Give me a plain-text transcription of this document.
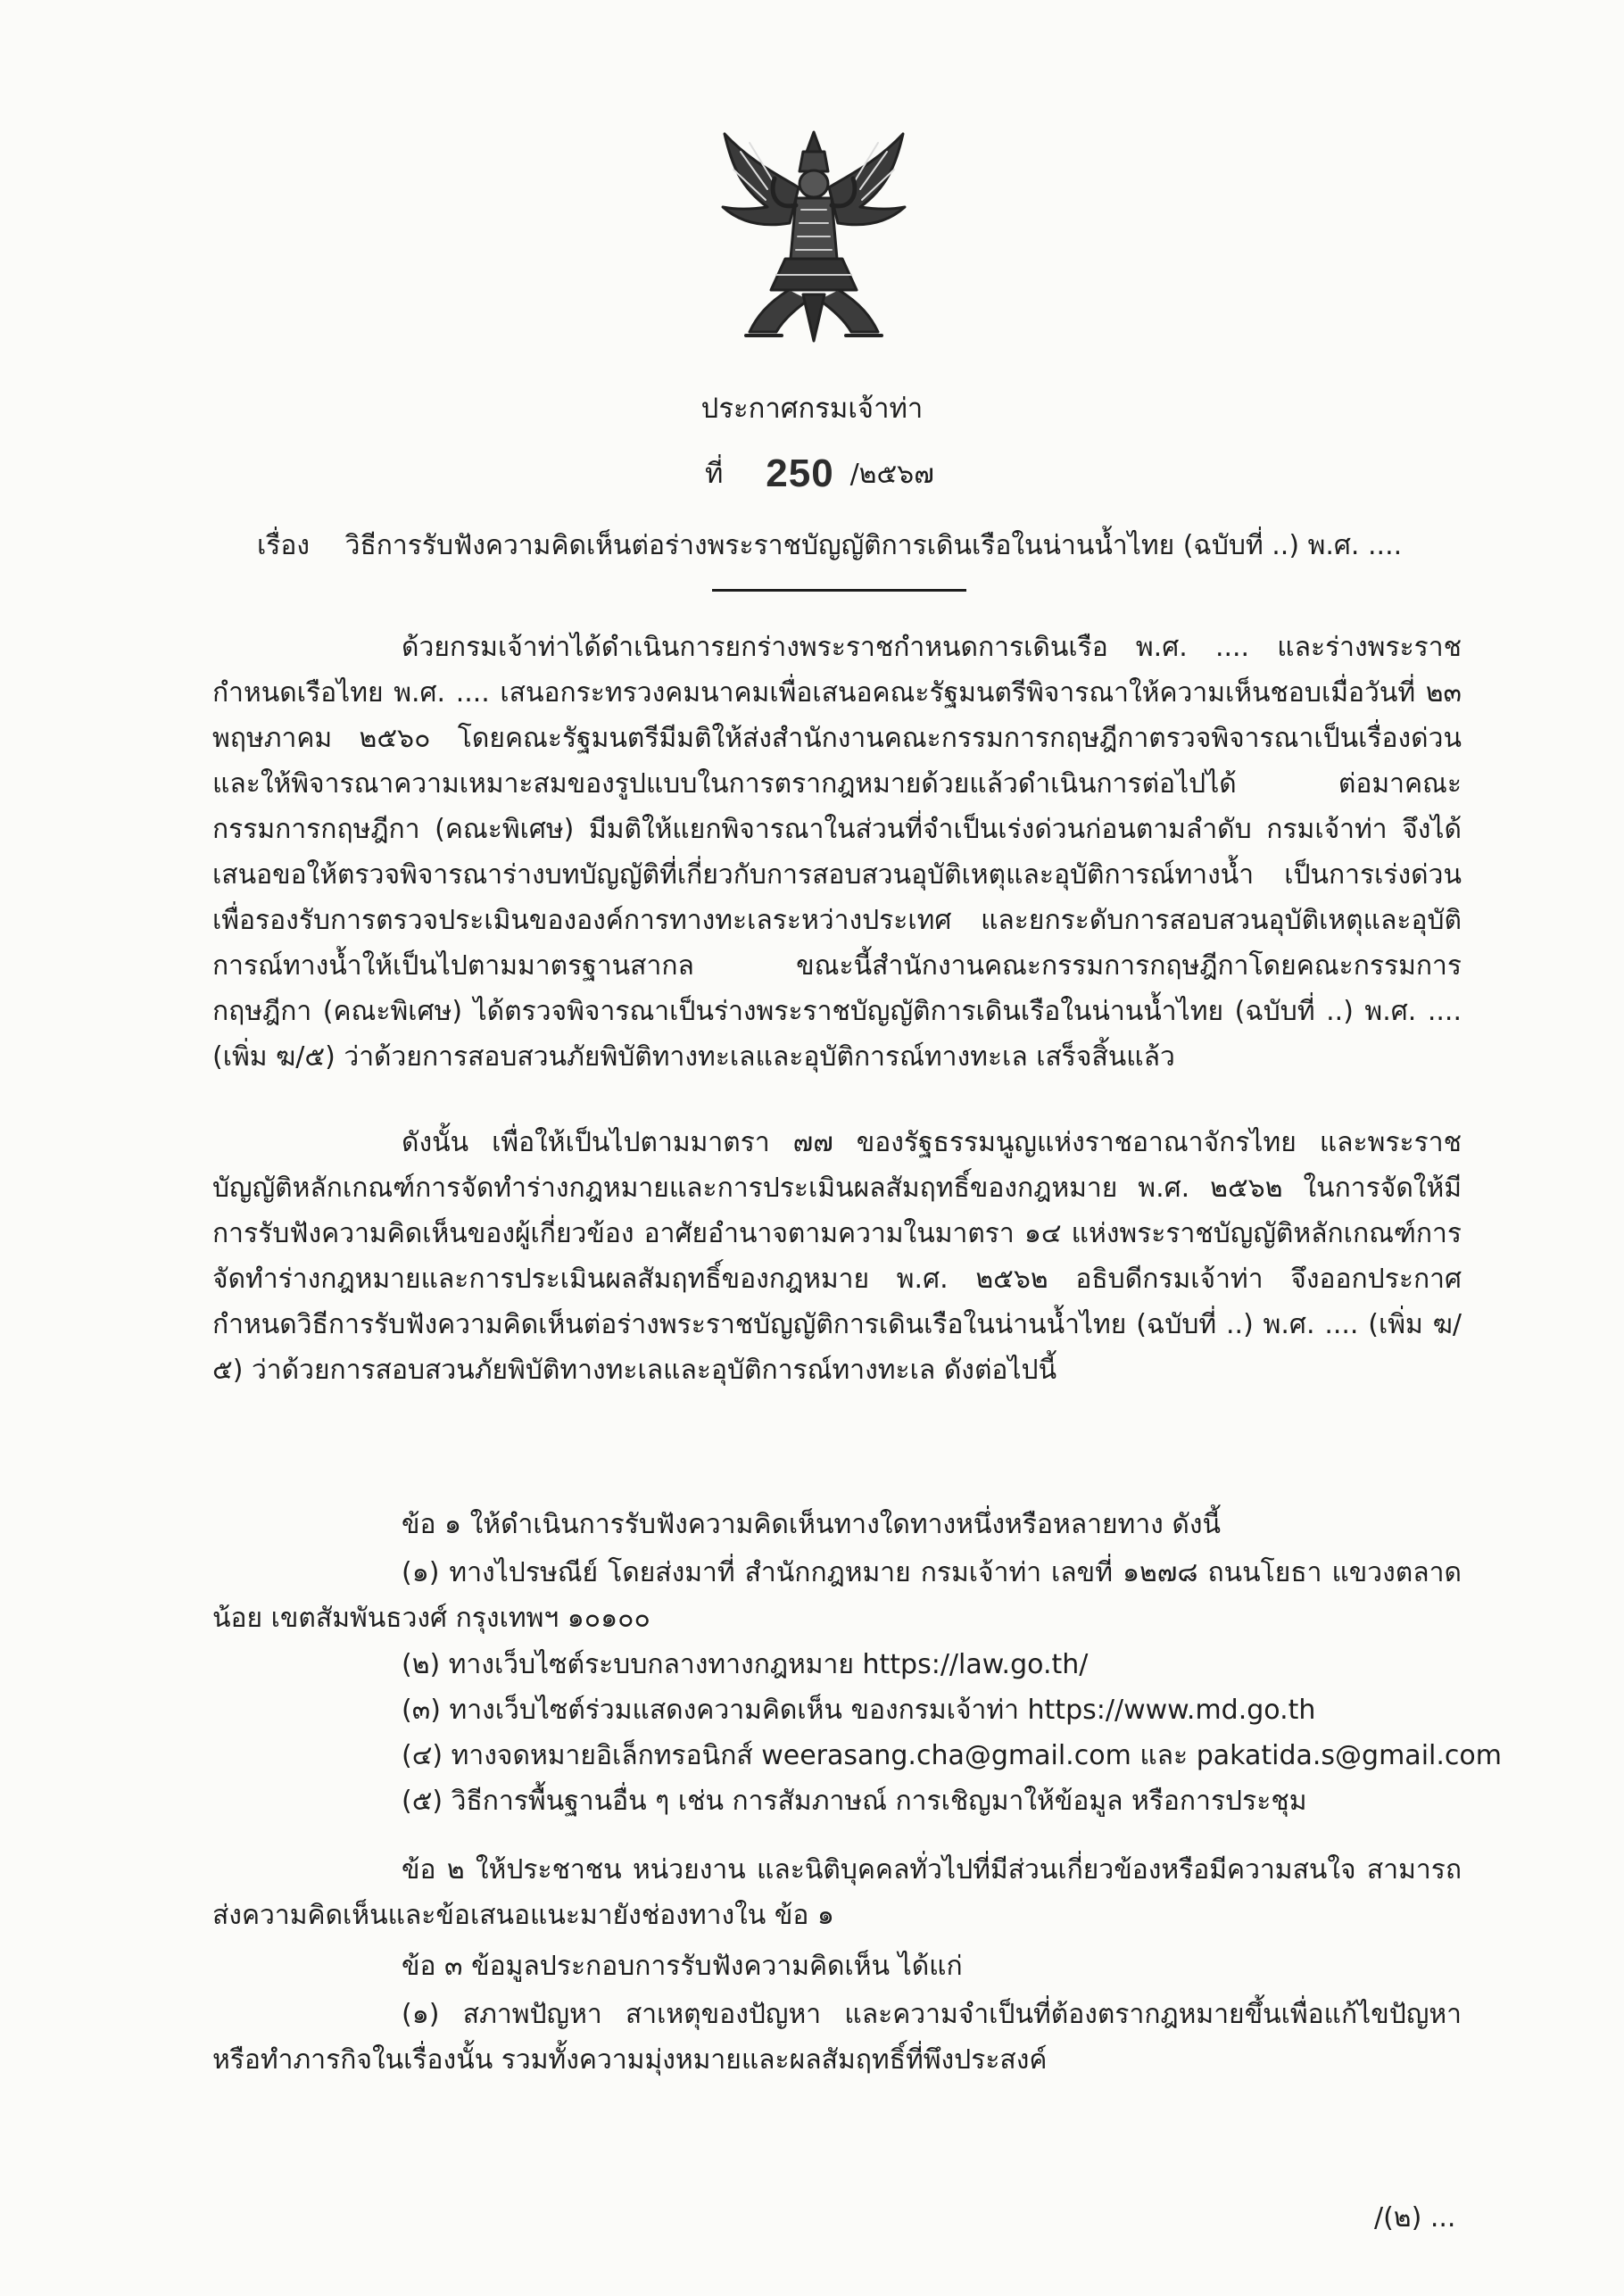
ประกาศกรมเจ้าท่า
ที่ 250 /๒๕๖๗
เรื่อง วิธีการรับฟังความคิดเห็นต่อร่างพระราชบัญญัติการเดินเรือในน่านน้ำไทย (ฉบับที่ ..) พ.ศ. ....

ด้วยกรมเจ้าท่าได้ดำเนินการยกร่างพระราชกำหนดการเดินเรือ พ.ศ. .... และร่างพระราชกำหนดเรือไทย พ.ศ. .... เสนอกระทรวงคมนาคมเพื่อเสนอคณะรัฐมนตรีพิจารณาให้ความเห็นชอบเมื่อวันที่ ๒๓ พฤษภาคม ๒๕๖๐ โดยคณะรัฐมนตรีมีมติให้ส่งสำนักงานคณะกรรมการกฤษฎีกาตรวจพิจารณาเป็นเรื่องด่วน และให้พิจารณาความเหมาะสมของรูปแบบในการตรากฎหมายด้วยแล้วดำเนินการต่อไปได้ ต่อมาคณะกรรมการกฤษฎีกา (คณะพิเศษ) มีมติให้แยกพิจารณาในส่วนที่จำเป็นเร่งด่วนก่อนตามลำดับ กรมเจ้าท่า จึงได้เสนอขอให้ตรวจพิจารณาร่างบทบัญญัติที่เกี่ยวกับการสอบสวนอุบัติเหตุและอุบัติการณ์ทางน้ำ เป็นการเร่งด่วน เพื่อรองรับการตรวจประเมินขององค์การทางทะเลระหว่างประเทศ และยกระดับการสอบสวนอุบัติเหตุและอุบัติการณ์ทางน้ำให้เป็นไปตามมาตรฐานสากล ขณะนี้สำนักงานคณะกรรมการกฤษฎีกาโดยคณะกรรมการกฤษฎีกา (คณะพิเศษ) ได้ตรวจพิจารณาเป็นร่างพระราชบัญญัติการเดินเรือในน่านน้ำไทย (ฉบับที่ ..) พ.ศ. .... (เพิ่ม ฆ/๕) ว่าด้วยการสอบสวนภัยพิบัติทางทะเลและอุบัติการณ์ทางทะเล เสร็จสิ้นแล้ว

ดังนั้น เพื่อให้เป็นไปตามมาตรา ๗๗ ของรัฐธรรมนูญแห่งราชอาณาจักรไทย และพระราชบัญญัติหลักเกณฑ์การจัดทำร่างกฎหมายและการประเมินผลสัมฤทธิ์ของกฎหมาย พ.ศ. ๒๕๖๒ ในการจัดให้มีการรับฟังความคิดเห็นของผู้เกี่ยวข้อง อาศัยอำนาจตามความในมาตรา ๑๔ แห่งพระราชบัญญัติหลักเกณฑ์การจัดทำร่างกฎหมายและการประเมินผลสัมฤทธิ์ของกฎหมาย พ.ศ. ๒๕๖๒ อธิบดีกรมเจ้าท่า จึงออกประกาศกำหนดวิธีการรับฟังความคิดเห็นต่อร่างพระราชบัญญัติการเดินเรือในน่านน้ำไทย (ฉบับที่ ..) พ.ศ. .... (เพิ่ม ฆ/๕) ว่าด้วยการสอบสวนภัยพิบัติทางทะเลและอุบัติการณ์ทางทะเล ดังต่อไปนี้

ข้อ ๑ ให้ดำเนินการรับฟังความคิดเห็นทางใดทางหนึ่งหรือหลายทาง ดังนี้

(๑) ทางไปรษณีย์ โดยส่งมาที่ สำนักกฎหมาย กรมเจ้าท่า เลขที่ ๑๒๗๘ ถนนโยธา แขวงตลาดน้อย เขตสัมพันธวงศ์ กรุงเทพฯ ๑๐๑๐๐

(๒) ทางเว็บไซต์ระบบกลางทางกฎหมาย https://law.go.th/

(๓) ทางเว็บไซต์ร่วมแสดงความคิดเห็น ของกรมเจ้าท่า https://www.md.go.th

(๔) ทางจดหมายอิเล็กทรอนิกส์ weerasang.cha@gmail.com และ pakatida.s@gmail.com

(๕) วิธีการพื้นฐานอื่น ๆ เช่น การสัมภาษณ์ การเชิญมาให้ข้อมูล หรือการประชุม

ข้อ ๒ ให้ประชาชน หน่วยงาน และนิติบุคคลทั่วไปที่มีส่วนเกี่ยวข้องหรือมีความสนใจ สามารถส่งความคิดเห็นและข้อเสนอแนะมายังช่องทางใน ข้อ ๑

ข้อ ๓ ข้อมูลประกอบการรับฟังความคิดเห็น ได้แก่

(๑) สภาพปัญหา สาเหตุของปัญหา และความจำเป็นที่ต้องตรากฎหมายขึ้นเพื่อแก้ไขปัญหาหรือทำภารกิจในเรื่องนั้น รวมทั้งความมุ่งหมายและผลสัมฤทธิ์ที่พึงประสงค์

/(๒) ...
